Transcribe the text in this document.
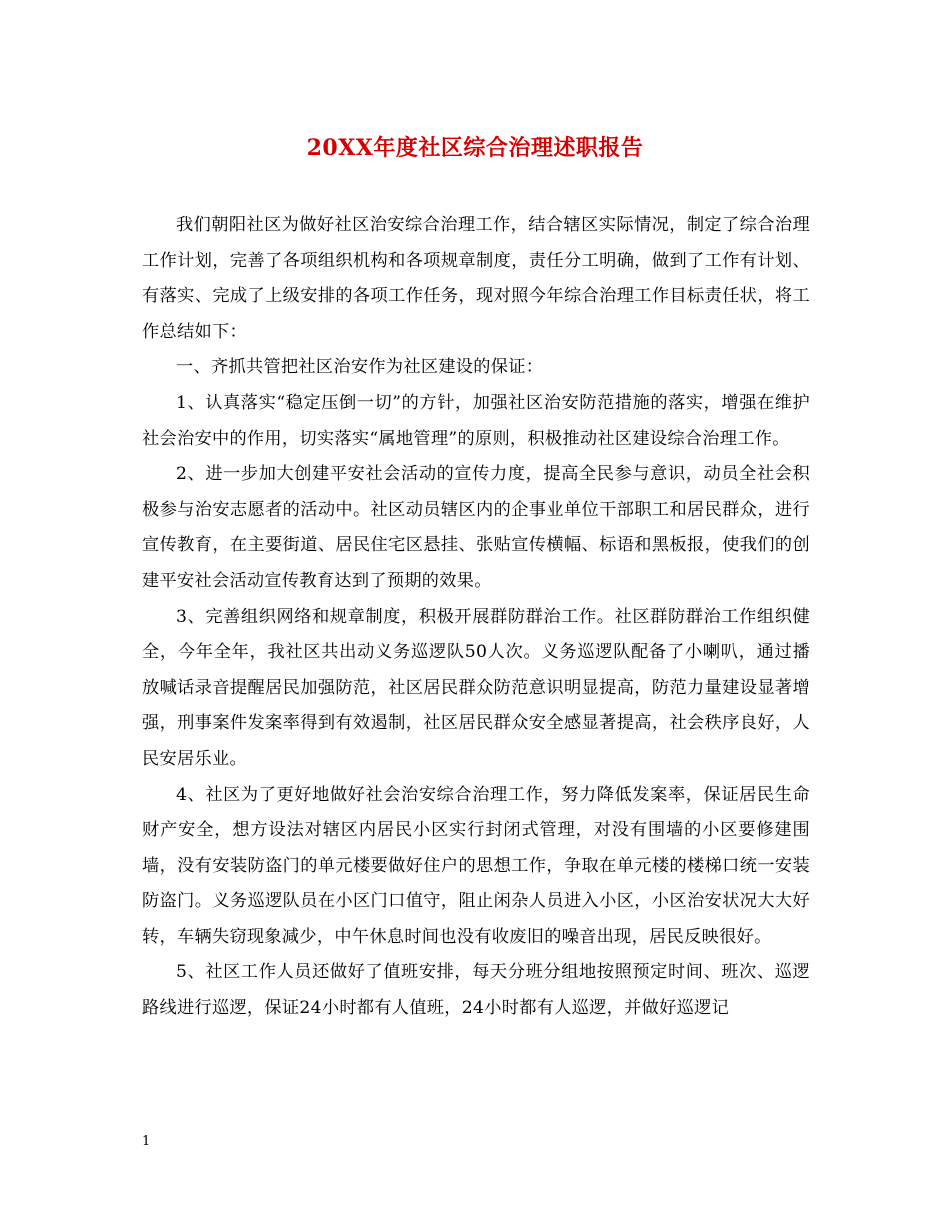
20XX年度社区综合治理述职报告

我们朝阳社区为做好社区治安综合治理工作，结合辖区实际情况，制定了综合治理工作计划，完善了各项组织机构和各项规章制度，责任分工明确，做到了工作有计划、有落实、完成了上级安排的各项工作任务，现对照今年综合治理工作目标责任状，将工作总结如下：

一、齐抓共管把社区治安作为社区建设的保证：

1、认真落实“稳定压倒一切”的方针，加强社区治安防范措施的落实，增强在维护社会治安中的作用，切实落实“属地管理”的原则，积极推动社区建设综合治理工作。

2、进一步加大创建平安社会活动的宣传力度，提高全民参与意识，动员全社会积极参与治安志愿者的活动中。社区动员辖区内的企事业单位干部职工和居民群众，进行宣传教育，在主要街道、居民住宅区悬挂、张贴宣传横幅、标语和黑板报，使我们的创建平安社会活动宣传教育达到了预期的效果。

3、完善组织网络和规章制度，积极开展群防群治工作。社区群防群治工作组织健全，今年全年，我社区共出动义务巡逻队50人次。义务巡逻队配备了小喇叭，通过播放喊话录音提醒居民加强防范，社区居民群众防范意识明显提高，防范力量建设显著增强，刑事案件发案率得到有效遏制，社区居民群众安全感显著提高，社会秩序良好，人民安居乐业。

4、社区为了更好地做好社会治安综合治理工作，努力降低发案率，保证居民生命财产安全，想方设法对辖区内居民小区实行封闭式管理，对没有围墙的小区要修建围墙，没有安装防盗门的单元楼要做好住户的思想工作，争取在单元楼的楼梯口统一安装防盗门。义务巡逻队员在小区门口值守，阻止闲杂人员进入小区，小区治安状况大大好转，车辆失窃现象减少，中午休息时间也没有收废旧的噪音出现，居民反映很好。

5、社区工作人员还做好了值班安排，每天分班分组地按照预定时间、班次、巡逻路线进行巡逻，保证24小时都有人值班，24小时都有人巡逻，并做好巡逻记

1
